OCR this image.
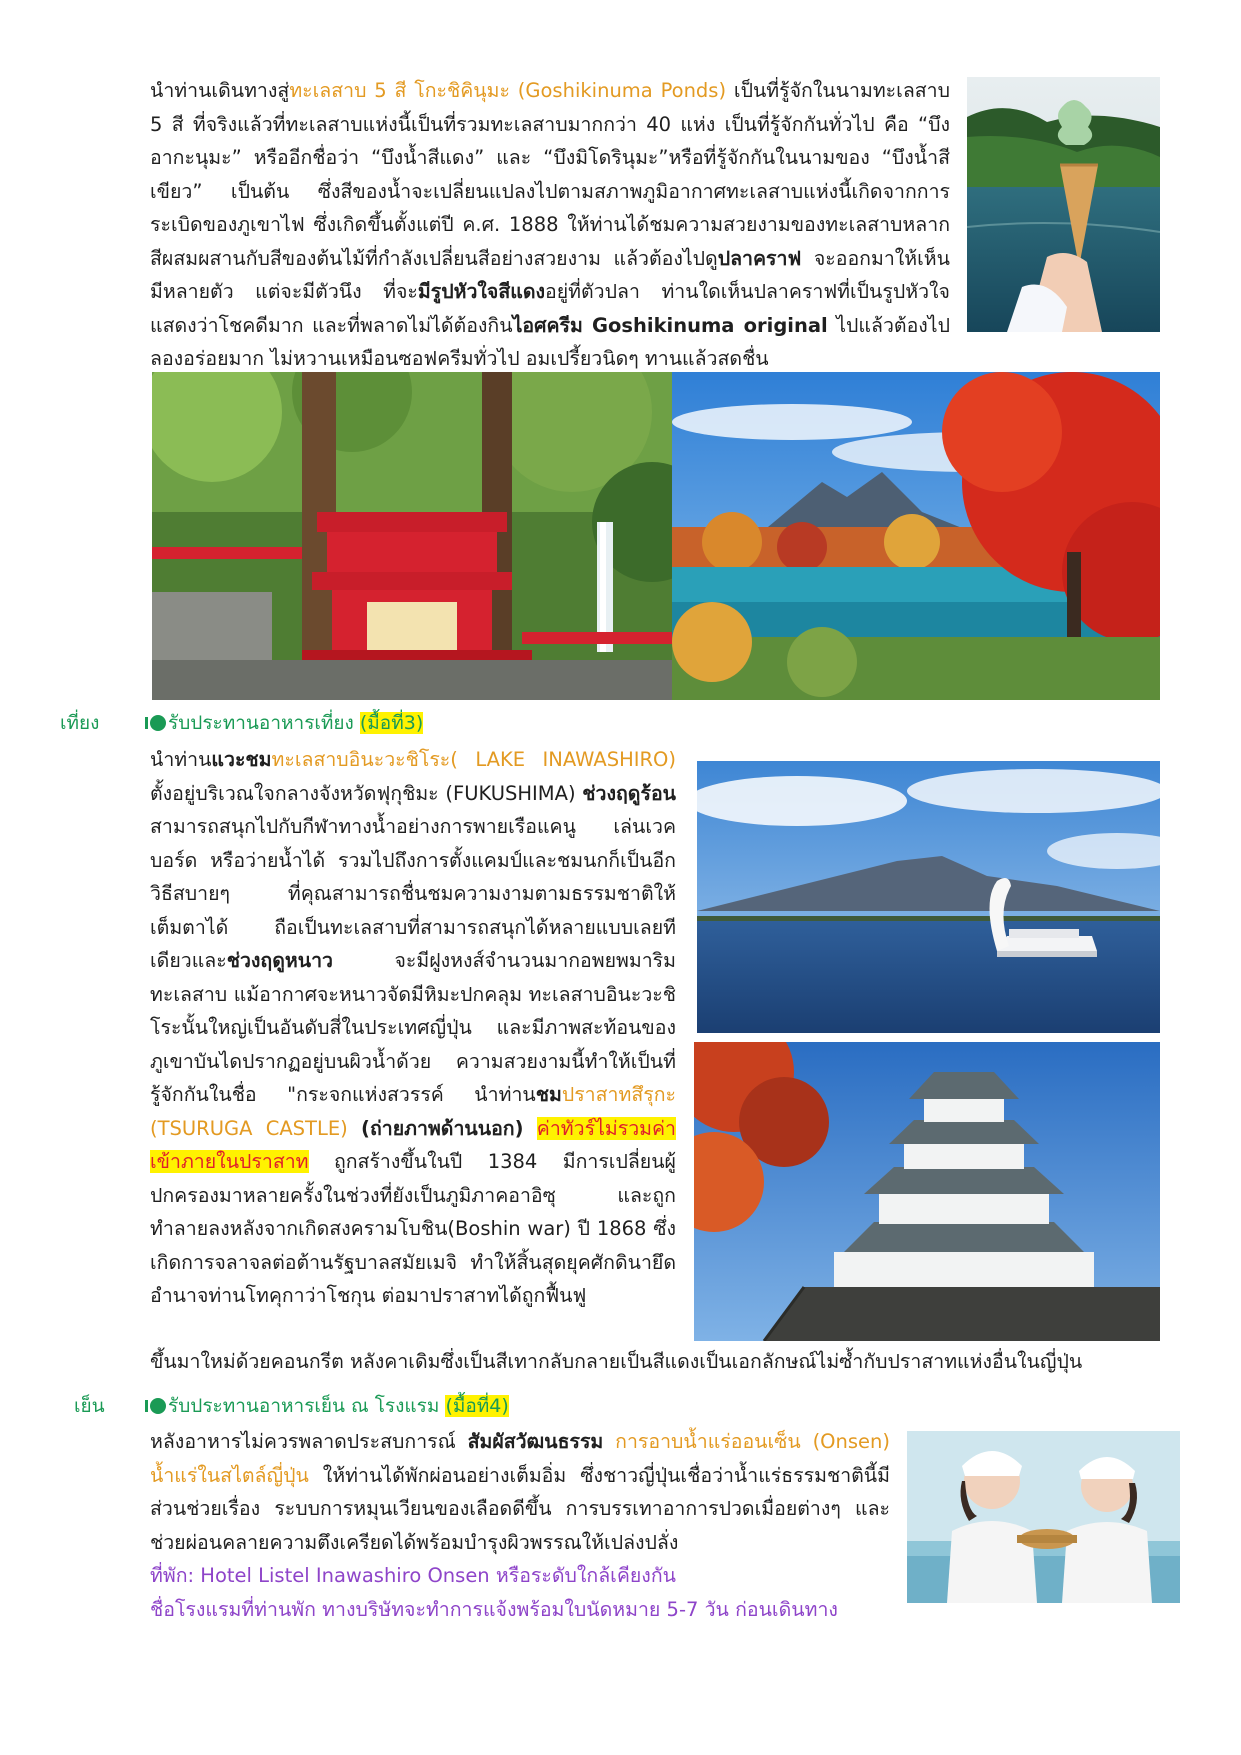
นำท่านเดินทางสู่ทะเลสาบ 5 สี โกะชิคินุมะ (Goshikinuma Ponds) เป็นที่รู้จักในนามทะเลสาบ 5 สี ที่จริงแล้วที่ทะเลสาบแห่งนี้เป็นที่รวมทะเลสาบมากกว่า 40 แห่ง เป็นที่รู้จักกันทั่วไป คือ “บึงอากะนุมะ” หรืออีกชื่อว่า “บึงน้ำสีแดง” และ “บึงมิโดรินุมะ”หรือที่รู้จักกันในนามของ “บึงน้ำสีเขียว” เป็นต้น ซึ่งสีของน้ำจะเปลี่ยนแปลงไปตามสภาพภูมิอากาศทะเลสาบแห่งนี้เกิดจากการระเบิดของภูเขาไฟ ซึ่งเกิดขึ้นตั้งแต่ปี ค.ศ. 1888 ให้ท่านได้ชมความสวยงามของทะเลสาบหลากสีผสมผสานกับสีของต้นไม้ที่กำลังเปลี่ยนสีอย่างสวยงาม แล้วต้องไปดูปลาคราฟ จะออกมาให้เห็นมีหลายตัว แต่จะมีตัวนึง ที่จะมีรูปหัวใจสีแดงอยู่ที่ตัวปลา ท่านใดเห็นปลาคราฟที่เป็นรูปหัวใจแสดงว่าโชคดีมาก และที่พลาดไม่ได้ต้องกินไอศครีม Goshikinuma original ไปแล้วต้องไปลองอร่อยมาก ไม่หวานเหมือนซอฟครีมทั่วไป อมเปรี้ยวนิดๆ ทานแล้วสดชื่น

เที่ยง	รับประทานอาหารเที่ยง (มื้อที่3)

นำท่านแวะชมทะเลสาบอินะวะชิโระ( LAKE INAWASHIRO) ตั้งอยู่บริเวณใจกลางจังหวัดฟุกุชิมะ (FUKUSHIMA) ช่วงฤดูร้อนสามารถสนุกไปกับกีฬาทางน้ำอย่างการพายเรือแคนู เล่นเวคบอร์ด หรือว่ายน้ำได้ รวมไปถึงการตั้งแคมป์และชมนกก็เป็นอีกวิธีสบายๆ ที่คุณสามารถชื่นชมความงามตามธรรมชาติให้เต็มตาได้ ถือเป็นทะเลสาบที่สามารถสนุกได้หลายแบบเลยทีเดียวและช่วงฤดูหนาว จะมีฝูงหงส์จำนวนมากอพยพมาริมทะเลสาบ แม้อากาศจะหนาวจัดมีหิมะปกคลุม ทะเลสาบอินะวะชิโระนั้นใหญ่เป็นอันดับสี่ในประเทศญี่ปุ่น และมีภาพสะท้อนของภูเขาบันไดปรากฏอยู่บนผิวน้ำด้วย ความสวยงามนี้ทำให้เป็นที่รู้จักกันในชื่อ "กระจกแห่งสวรรค์ นำท่านชมปราสาทสึรุกะ (TSURUGA CASTLE) (ถ่ายภาพด้านนอก) ค่าทัวร์ไม่รวมค่าเข้าภายในปราสาท ถูกสร้างขึ้นในปี 1384 มีการเปลี่ยนผู้ปกครองมาหลายครั้งในช่วงที่ยังเป็นภูมิภาคอาอิซุ และถูกทำลายลงหลังจากเกิดสงครามโบชิน(Boshin war) ปี 1868 ซึ่งเกิดการจลาจลต่อต้านรัฐบาลสมัยเมจิ ทำให้สิ้นสุดยุคศักดินายึดอำนาจท่านโทคุกาว่าโชกุน ต่อมาปราสาทได้ถูกฟื้นฟู

ขึ้นมาใหม่ด้วยคอนกรีต หลังคาเดิมซึ่งเป็นสีเทากลับกลายเป็นสีแดงเป็นเอกลักษณ์ไม่ซ้ำกับปราสาทแห่งอื่นในญี่ปุ่น

เย็น	รับประทานอาหารเย็น ณ โรงแรม (มื้อที่4)

หลังอาหารไม่ควรพลาดประสบการณ์ สัมผัสวัฒนธรรม การอาบน้ำแร่ออนเซ็น (Onsen) น้ำแร่ในสไตล์ญี่ปุ่น ให้ท่านได้พักผ่อนอย่างเต็มอิ่ม ซึ่งชาวญี่ปุ่นเชื่อว่าน้ำแร่ธรรมชาตินี้มีส่วนช่วยเรื่อง ระบบการหมุนเวียนของเลือดดีขึ้น การบรรเทาอาการปวดเมื่อยต่างๆ และช่วยผ่อนคลายความตึงเครียดได้พร้อมบำรุงผิวพรรณให้เปล่งปลั่ง

ที่พัก: Hotel Listel Inawashiro Onsen หรือระดับใกล้เคียงกัน
ชื่อโรงแรมที่ท่านพัก ทางบริษัทจะทำการแจ้งพร้อมใบนัดหมาย 5-7 วัน ก่อนเดินทาง
